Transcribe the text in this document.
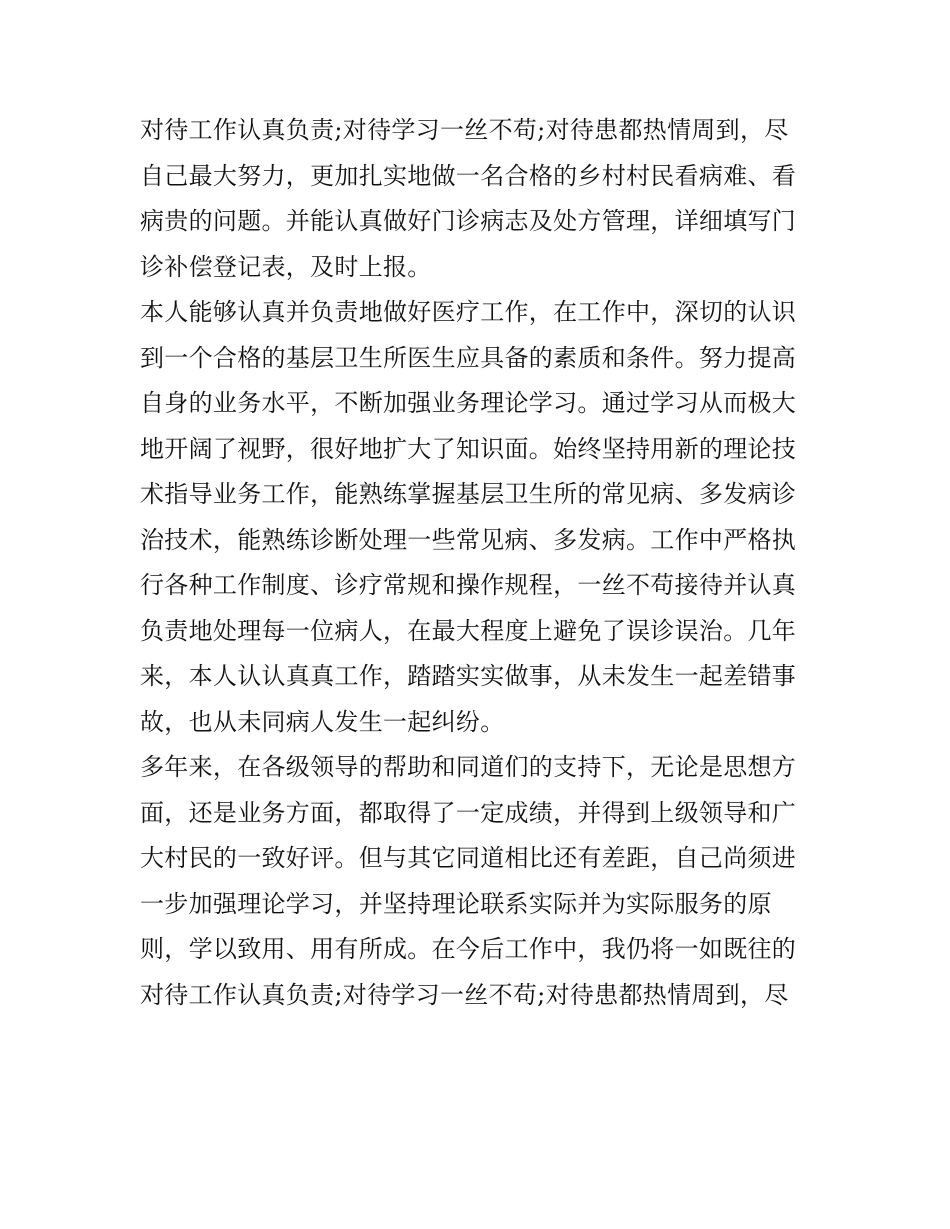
对待工作认真负责;对待学习一丝不苟;对待患都热情周到，尽
自己最大努力，更加扎实地做一名合格的乡村村民看病难、看
病贵的问题。并能认真做好门诊病志及处方管理，详细填写门
诊补偿登记表，及时上报。
本人能够认真并负责地做好医疗工作，在工作中，深切的认识
到一个合格的基层卫生所医生应具备的素质和条件。努力提高
自身的业务水平，不断加强业务理论学习。通过学习从而极大
地开阔了视野，很好地扩大了知识面。始终坚持用新的理论技
术指导业务工作，能熟练掌握基层卫生所的常见病、多发病诊
治技术，能熟练诊断处理一些常见病、多发病。工作中严格执
行各种工作制度、诊疗常规和操作规程，一丝不苟接待并认真
负责地处理每一位病人，在最大程度上避免了误诊误治。几年
来，本人认认真真工作，踏踏实实做事，从未发生一起差错事
故，也从未同病人发生一起纠纷。
多年来，在各级领导的帮助和同道们的支持下，无论是思想方
面，还是业务方面，都取得了一定成绩，并得到上级领导和广
大村民的一致好评。但与其它同道相比还有差距，自己尚须进
一步加强理论学习，并坚持理论联系实际并为实际服务的原
则，学以致用、用有所成。在今后工作中，我仍将一如既往的
对待工作认真负责;对待学习一丝不苟;对待患都热情周到，尽
